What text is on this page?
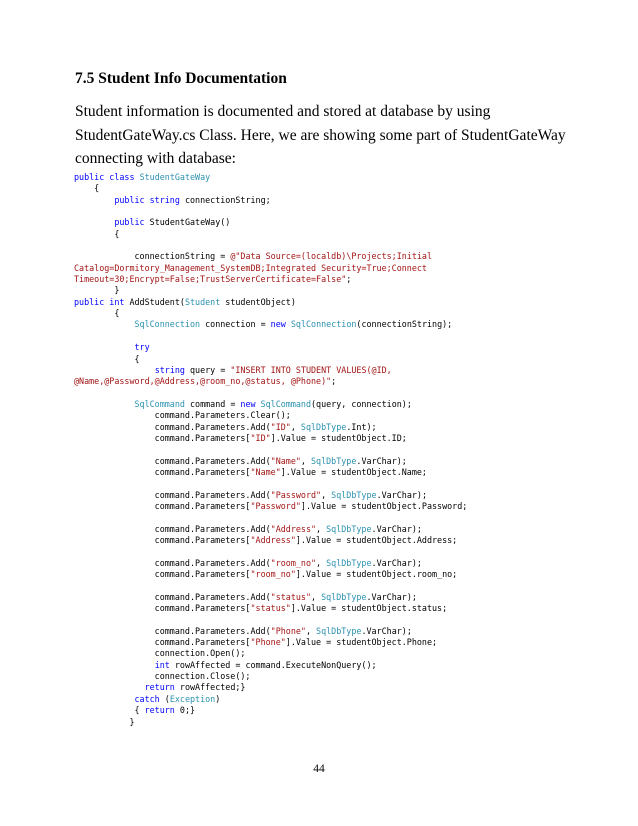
7.5 Student Info Documentation
Student information is documented and stored at database by using
StudentGateWay.cs Class. Here, we are showing some part of StudentGateWay
connecting with database:
public class StudentGateWay
{
public string connectionString;
public StudentGateWay()
{
connectionString = @"Data Source=(localdb)\Projects;Initial
Catalog=Dormitory_Management_SystemDB;Integrated Security=True;Connect
Timeout=30;Encrypt=False;TrustServerCertificate=False";
}
public int AddStudent(Student studentObject)
{
SqlConnection connection = new SqlConnection(connectionString);
try
{
string query = "INSERT INTO STUDENT VALUES(@ID,
@Name,@Password,@Address,@room_no,@status, @Phone)";
SqlCommand command = new SqlCommand(query, connection);
command.Parameters.Clear();
command.Parameters.Add("ID", SqlDbType.Int);
command.Parameters["ID"].Value = studentObject.ID;
command.Parameters.Add("Name", SqlDbType.VarChar);
command.Parameters["Name"].Value = studentObject.Name;
command.Parameters.Add("Password", SqlDbType.VarChar);
command.Parameters["Password"].Value = studentObject.Password;
command.Parameters.Add("Address", SqlDbType.VarChar);
command.Parameters["Address"].Value = studentObject.Address;
command.Parameters.Add("room_no", SqlDbType.VarChar);
command.Parameters["room_no"].Value = studentObject.room_no;
command.Parameters.Add("status", SqlDbType.VarChar);
command.Parameters["status"].Value = studentObject.status;
command.Parameters.Add("Phone", SqlDbType.VarChar);
command.Parameters["Phone"].Value = studentObject.Phone;
connection.Open();
int rowAffected = command.ExecuteNonQuery();
connection.Close();
return rowAffected;}
catch (Exception)
{ return 0;}
}
44
